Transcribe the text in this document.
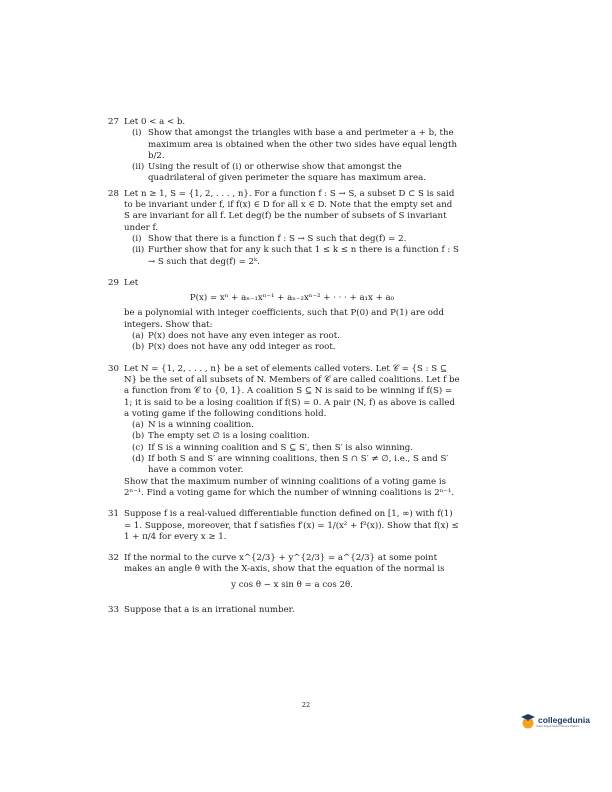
27 Let 0 < a < b.
(i) Show that amongst the triangles with base a and perimeter a + b, the maximum area is obtained when the other two sides have equal length b/2.
(ii) Using the result of (i) or otherwise show that amongst the quadrilateral of given perimeter the square has maximum area.
28 Let n ≥ 1, S = {1, 2, . . . , n}. For a function f : S → S, a subset D ⊂ S is said to be invariant under f, if f(x) ∈ D for all x ∈ D. Note that the empty set and S are invariant for all f. Let deg(f) be the number of subsets of S invariant under f.
(i) Show that there is a function f : S → S such that deg(f) = 2.
(ii) Further show that for any k such that 1 ≤ k ≤ n there is a function f : S → S such that deg(f) = 2ᵏ.
29 Let
P(x) = xⁿ + aₙ₋₁xⁿ⁻¹ + aₙ₋₂xⁿ⁻² + · · · + a₁x + a₀
be a polynomial with integer coefficients, such that P(0) and P(1) are odd integers. Show that:
(a) P(x) does not have any even integer as root.
(b) P(x) does not have any odd integer as root.
30 Let N = {1, 2, . . . , n} be a set of elements called voters. Let 𝒞 = {S : S ⊆ N} be the set of all subsets of N. Members of 𝒞 are called coalitions. Let f be a function from 𝒞 to {0, 1}. A coalition S ⊆ N is said to be winning if f(S) = 1; it is said to be a losing coalition if f(S) = 0. A pair (N, f) as above is called a voting game if the following conditions hold.
(a) N is a winning coalition.
(b) The empty set ∅ is a losing coalition.
(c) If S is a winning coalition and S ⊆ S′, then S′ is also winning.
(d) If both S and S′ are winning coalitions, then S ∩ S′ ≠ ∅, i.e., S and S′ have a common voter.
Show that the maximum number of winning coalitions of a voting game is 2ⁿ⁻¹. Find a voting game for which the number of winning coalitions is 2ⁿ⁻¹.
31 Suppose f is a real-valued differentiable function defined on [1, ∞) with f(1) = 1. Suppose, moreover, that f satisfies f′(x) = 1/(x² + f²(x)). Show that f(x) ≤ 1 + π/4 for every x ≥ 1.
32 If the normal to the curve x^{2/3} + y^{2/3} = a^{2/3} at some point makes an angle θ with the X-axis, show that the equation of the normal is
y cos θ − x sin θ = a cos 2θ.
33 Suppose that a is an irrational number.
22
collegedunia
India's largest Student Review Platform
